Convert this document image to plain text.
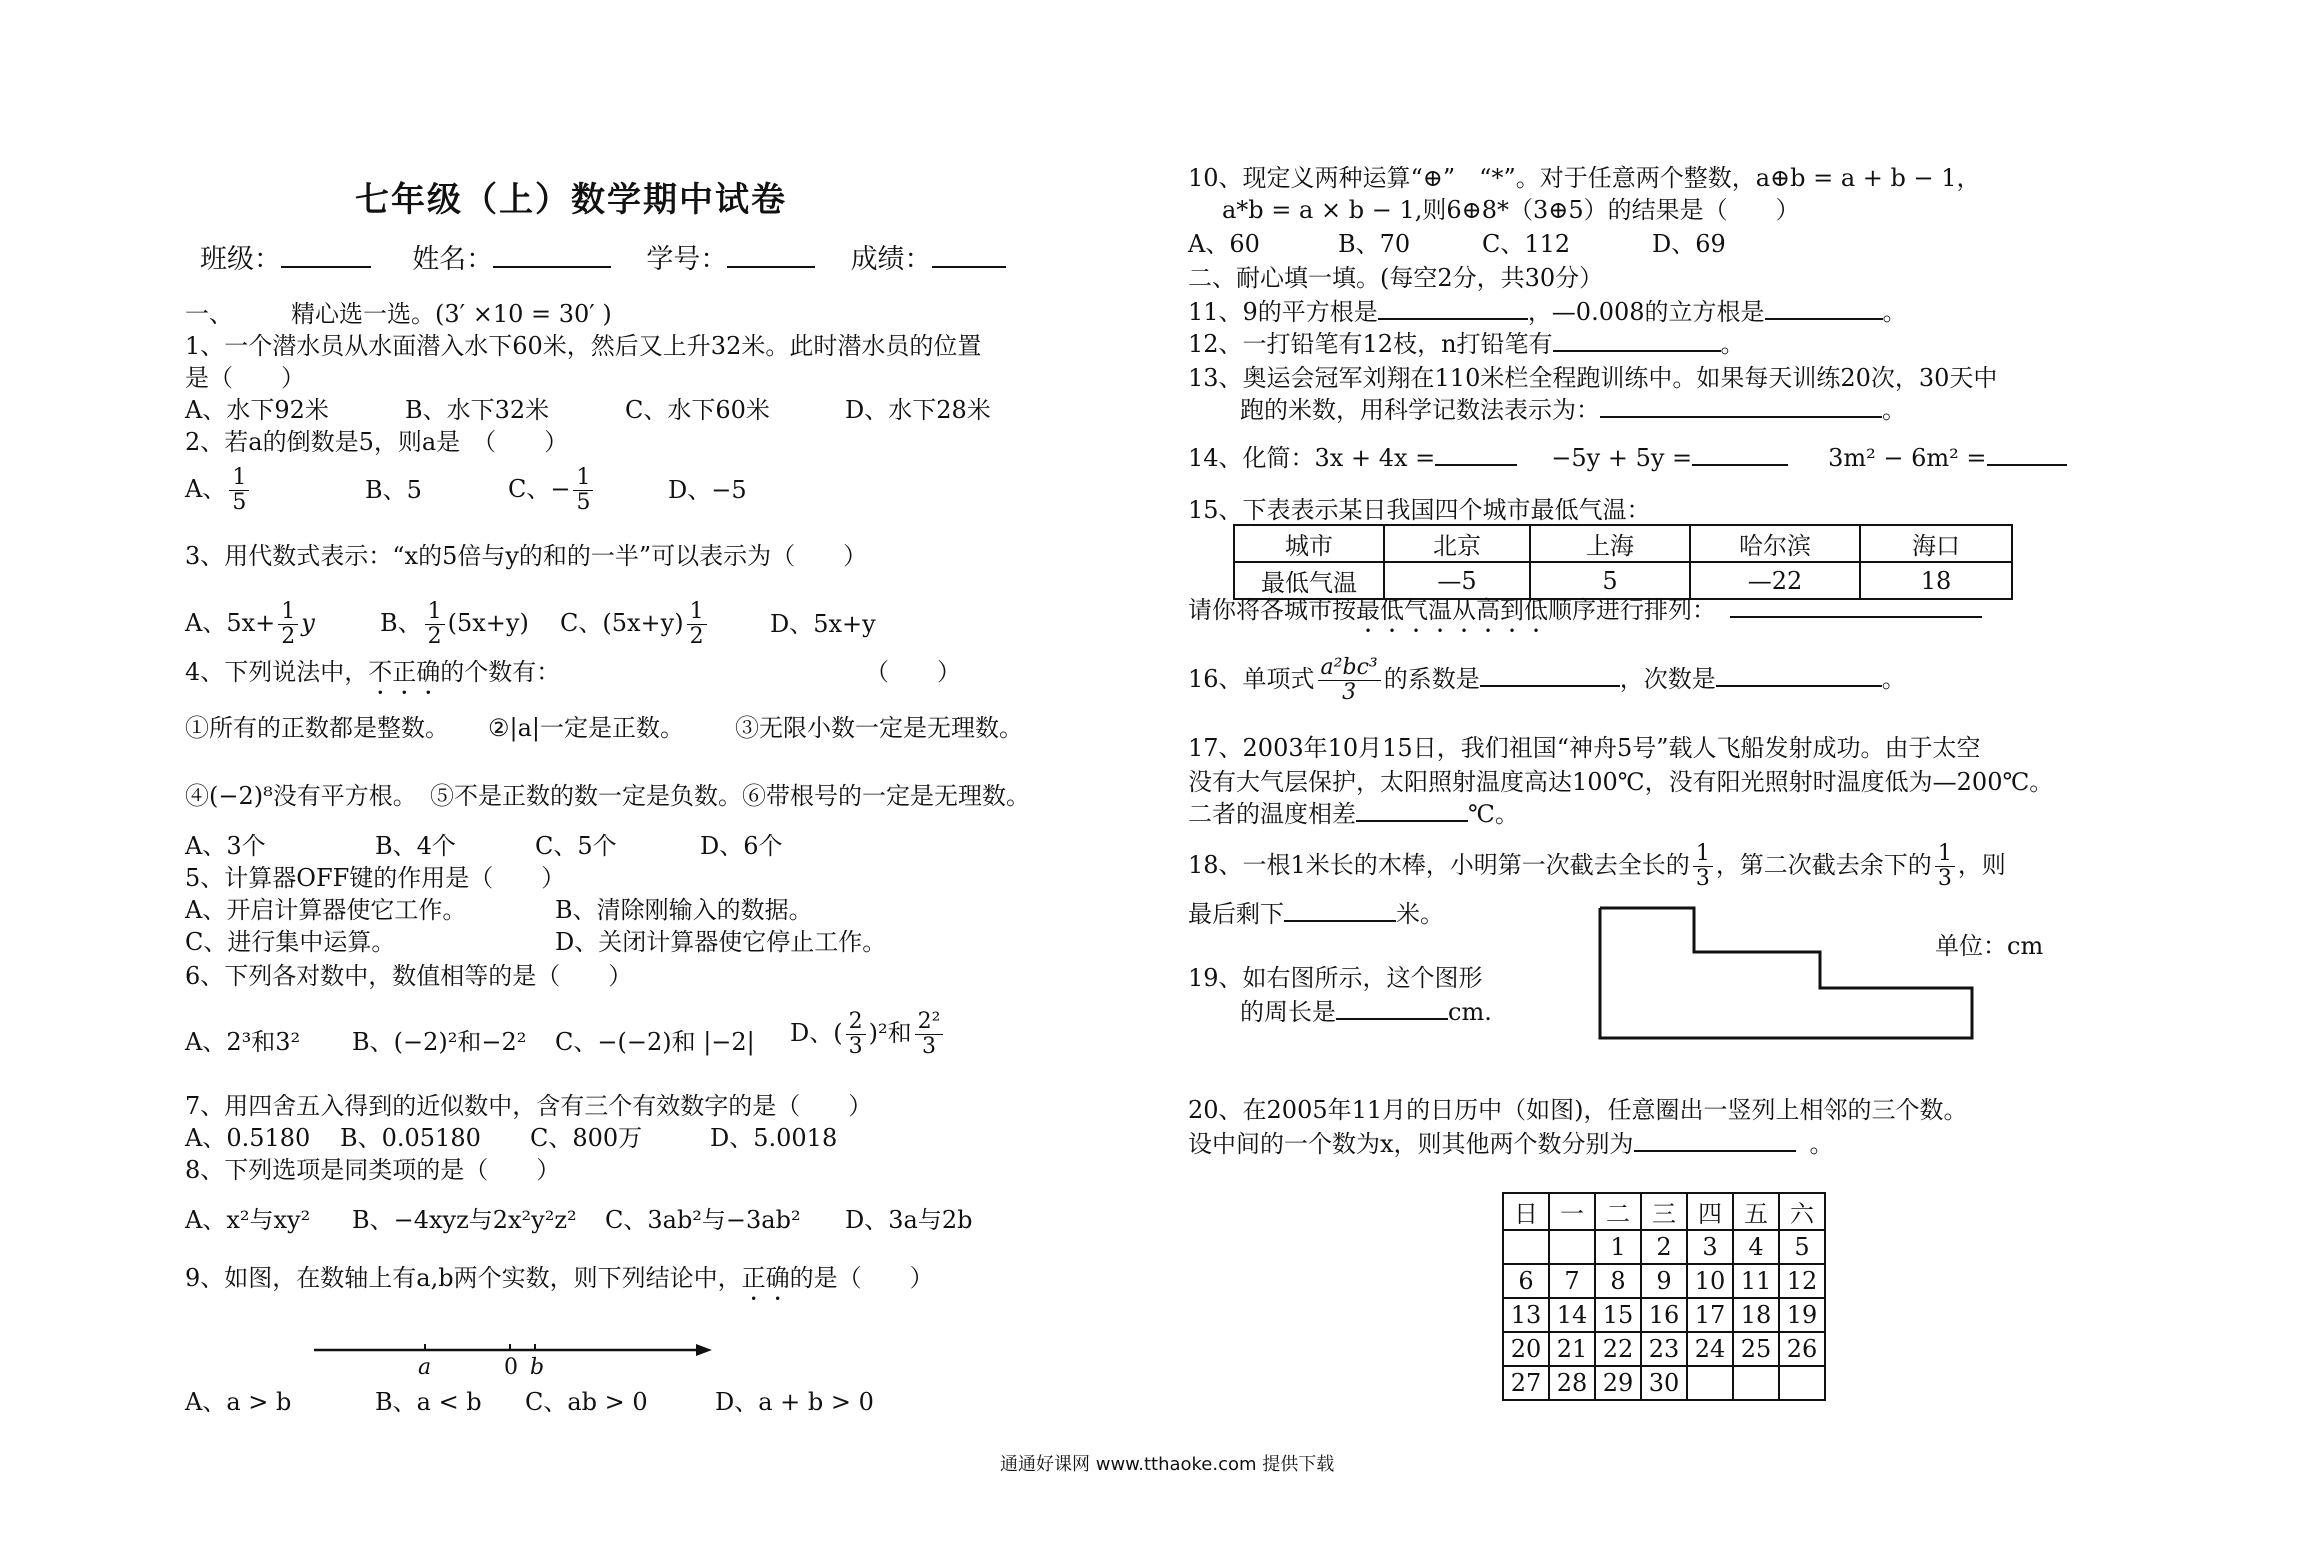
七年级（上）数学期中试卷
班级：	姓名：	学号：	成绩：
一、 精心选一选。(3′ ×10 = 30′ )
1、一个潜水员从水面潜入水下60米，然后又上升32米。此时潜水员的位置
是（　　）
A、水下92米	B、水下32米	C、水下60米	D、水下28米
2、若a的倒数是5，则a是　（　　）
A、 $\frac{1}{5}$	B、5	C、− $\frac{1}{5}$	D、−5
3、用代数式表示：“x的5倍与y的和的一半”可以表示为（　　）
A、$5x+ \frac{1}{2}$ y	B、 $\frac{1}{2} (5x+y)$ C、$(5x+y) \frac{1}{2}$	D、5x+y
4、下列说法中，不正确的个数有：	（　　）
①所有的正数都是整数。 ②|a|一定是正数。 ③无限小数一定是无理数。
④(−2)⁸没有平方根。 ⑤不是正数的数一定是负数。 ⑥带根号的一定是无理数。
A、3个	B、4个	C、5个	D、6个
5、计算器OFF键的作用是（　　）
A、开启计算器使它工作。	B、清除刚输入的数据。
C、进行集中运算。	D、关闭计算器使它停止工作。
6、下列各对数中，数值相等的是（　　）
A、2³和3² B、(−2)²和−2² C、−(−2)和 |−2| D、( $\frac{2}{3} )^2$和 $\frac{\text{2²}}{3}$
7、用四舍五入得到的近似数中，含有三个有效数字的是（　　）
A、0.5180 B、0.05180 C、800万	D、5.0018
8、下列选项是同类项的是（　　）
A、x²与xy² B、−4xyz与2x²y²z² C、3ab²与−3ab² D、3a与2b
9、如图，在数轴上有a,b两个实数，则下列结论中，正确的是（　　）
a	0 b
A、a > b	B、a < b C、ab > 0	D、a + b > 0
10、现定义两种运算“⊕”　“*”。对于任意两个整数，a⊕b = a + b − 1，
a*b = a × b − 1,则6⊕8*（3⊕5）的结果是（　　）
A、60	B、70	C、112	D、69
二、耐心填一填。(每空2分，共30分）
11、9的平方根是	，—0.008的立方根是	。
12、一打铅笔有12枝，n打铅笔有	。
13、奥运会冠军刘翔在110米栏全程跑训练中。如果每天训练20次，30天中
跑的米数，用科学记数法表示为：	。
14、化简：3x + 4x =	−5y + 5y =	3m² − 6m² =
15、下表表示某日我国四个城市最低气温：
城市	北京	上海	哈尔滨	海口
最低气温	—5	5	—22	18
请你将各城市按最低气温从高到低顺序进行排列：
16、单项式 $\frac{\text{a²bc³}}{3}$ 的系数是	，次数是	。
17、2003年10月15日，我们祖国“神舟5号”载人飞船发射成功。由于太空
没有大气层保护，太阳照射温度高达100℃，没有阳光照射时温度低为—200℃。
二者的温度相差	℃。
18、一根1米长的木棒，小明第一次截去全长的 $\frac{1}{3}$ ，第二次截去余下的 $\frac{1}{3}$ ，则
最后剩下	米。
19、如右图所示，这个图形
的周长是	cm.
单位：cm
20、在2005年11月的日历中（如图)，任意圈出一竖列上相邻的三个数。
设中间的一个数为x，则其他两个数分别为	。
日	一	二	三	四	五	六
		1	2	3	4	5
6	7	8	9	10	11	12
13	14	15	16	17	18	19
20	21	22	23	24	25	26
27	28	29	30			
通通好课网 www.tthaoke.com 提供下载
